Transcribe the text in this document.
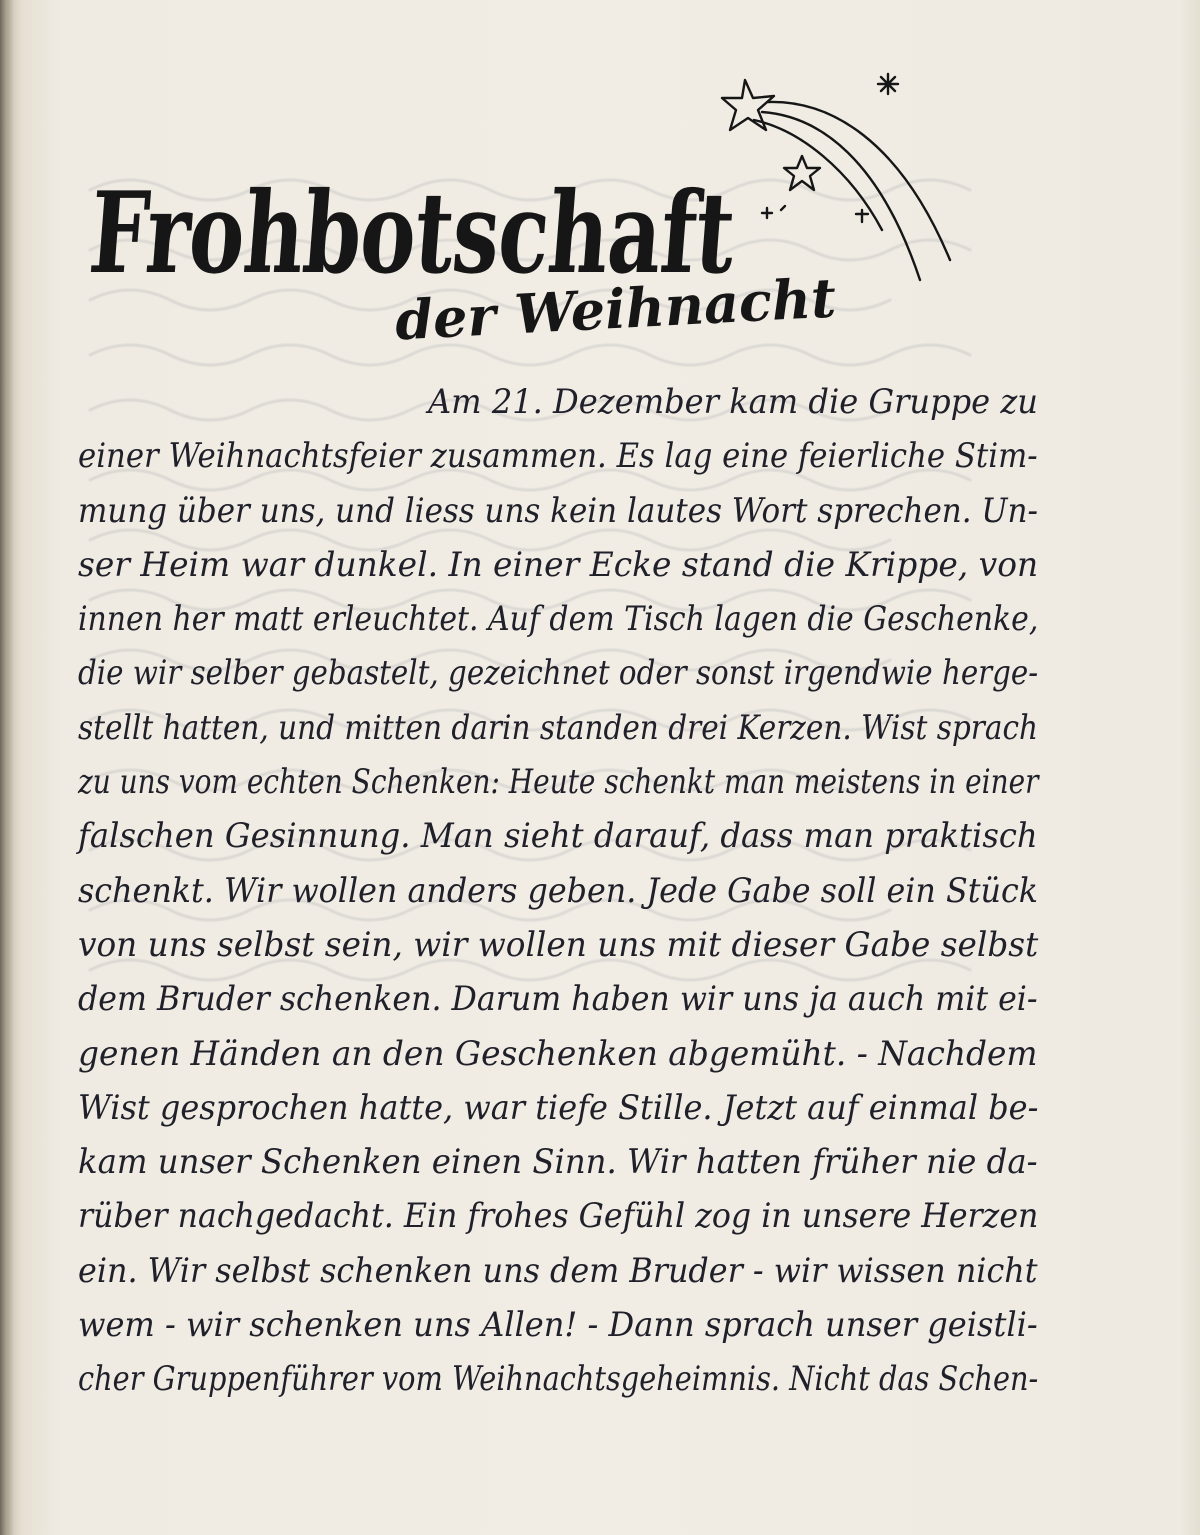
Frohbotschaft
der Weihnacht
Am 21. Dezember kam die Gruppe zu
einer Weihnachtsfeier zusammen. Es lag eine feierliche Stim-
mung über uns, und liess uns kein lautes Wort sprechen. Un-
ser Heim war dunkel. In einer Ecke stand die Krippe, von
innen her matt erleuchtet. Auf dem Tisch lagen die Geschenke,
die wir selber gebastelt, gezeichnet oder sonst irgendwie herge-
stellt hatten, und mitten darin standen drei Kerzen. Wist sprach
zu uns vom echten Schenken: Heute schenkt man meistens in einer
falschen Gesinnung. Man sieht darauf, dass man praktisch
schenkt. Wir wollen anders geben. Jede Gabe soll ein Stück
von uns selbst sein, wir wollen uns mit dieser Gabe selbst
dem Bruder schenken. Darum haben wir uns ja auch mit ei-
genen Händen an den Geschenken abgemüht. - Nachdem
Wist gesprochen hatte, war tiefe Stille. Jetzt auf einmal be-
kam unser Schenken einen Sinn. Wir hatten früher nie da-
rüber nachgedacht. Ein frohes Gefühl zog in unsere Herzen
ein. Wir selbst schenken uns dem Bruder - wir wissen nicht
wem - wir schenken uns Allen! - Dann sprach unser geistli-
cher Gruppenführer vom Weihnachtsgeheimnis. Nicht das Schen-
